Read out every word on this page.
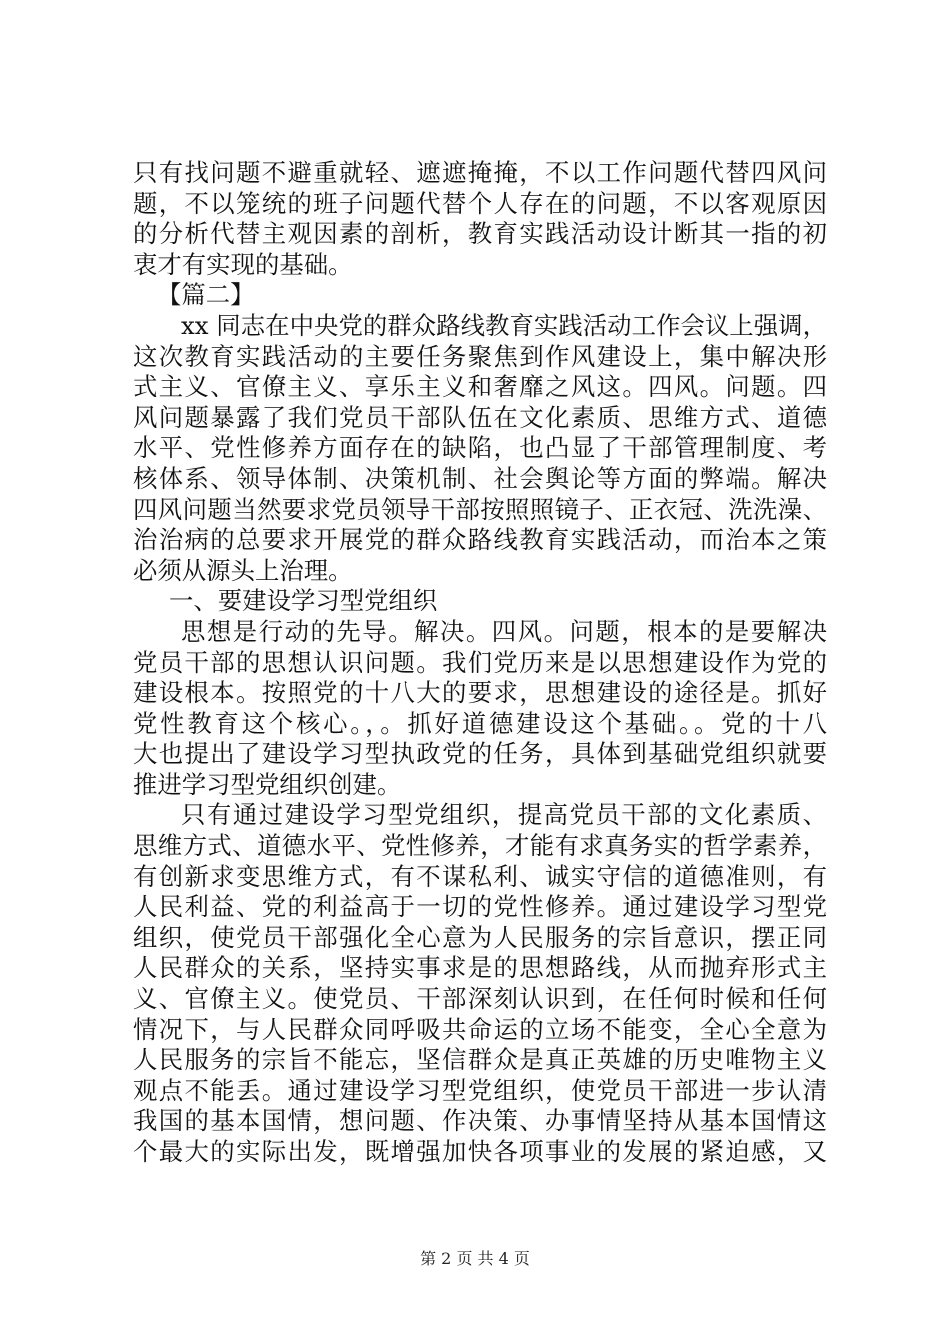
只有找问题不避重就轻、遮遮掩掩，不以工作问题代替四风问
题，不以笼统的班子问题代替个人存在的问题，不以客观原因
的分析代替主观因素的剖析，教育实践活动设计断其一指的初
衷才有实现的基础。
【篇二】
xx 同志在中央党的群众路线教育实践活动工作会议上强调，
这次教育实践活动的主要任务聚焦到作风建设上，集中解决形
式主义、官僚主义、享乐主义和奢靡之风这。四风。问题。四
风问题暴露了我们党员干部队伍在文化素质、思维方式、道德
水平、党性修养方面存在的缺陷，也凸显了干部管理制度、考
核体系、领导体制、决策机制、社会舆论等方面的弊端。解决
四风问题当然要求党员领导干部按照照镜子、正衣冠、洗洗澡、
治治病的总要求开展党的群众路线教育实践活动，而治本之策
必须从源头上治理。
一、要建设学习型党组织
思想是行动的先导。解决。四风。问题，根本的是要解决
党员干部的思想认识问题。我们党历来是以思想建设作为党的
建设根本。按照党的十八大的要求，思想建设的途径是。抓好
党性教育这个核心。，。抓好道德建设这个基础。。党的十八
大也提出了建设学习型执政党的任务，具体到基础党组织就要
推进学习型党组织创建。
只有通过建设学习型党组织，提高党员干部的文化素质、
思维方式、道德水平、党性修养，才能有求真务实的哲学素养，
有创新求变思维方式，有不谋私利、诚实守信的道德准则，有
人民利益、党的利益高于一切的党性修养。通过建设学习型党
组织，使党员干部强化全心意为人民服务的宗旨意识，摆正同
人民群众的关系，坚持实事求是的思想路线，从而抛弃形式主
义、官僚主义。使党员、干部深刻认识到，在任何时候和任何
情况下，与人民群众同呼吸共命运的立场不能变，全心全意为
人民服务的宗旨不能忘，坚信群众是真正英雄的历史唯物主义
观点不能丢。通过建设学习型党组织，使党员干部进一步认清
我国的基本国情，想问题、作决策、办事情坚持从基本国情这
个最大的实际出发，既增强加快各项事业的发展的紧迫感，又
第 2 页 共 4 页
